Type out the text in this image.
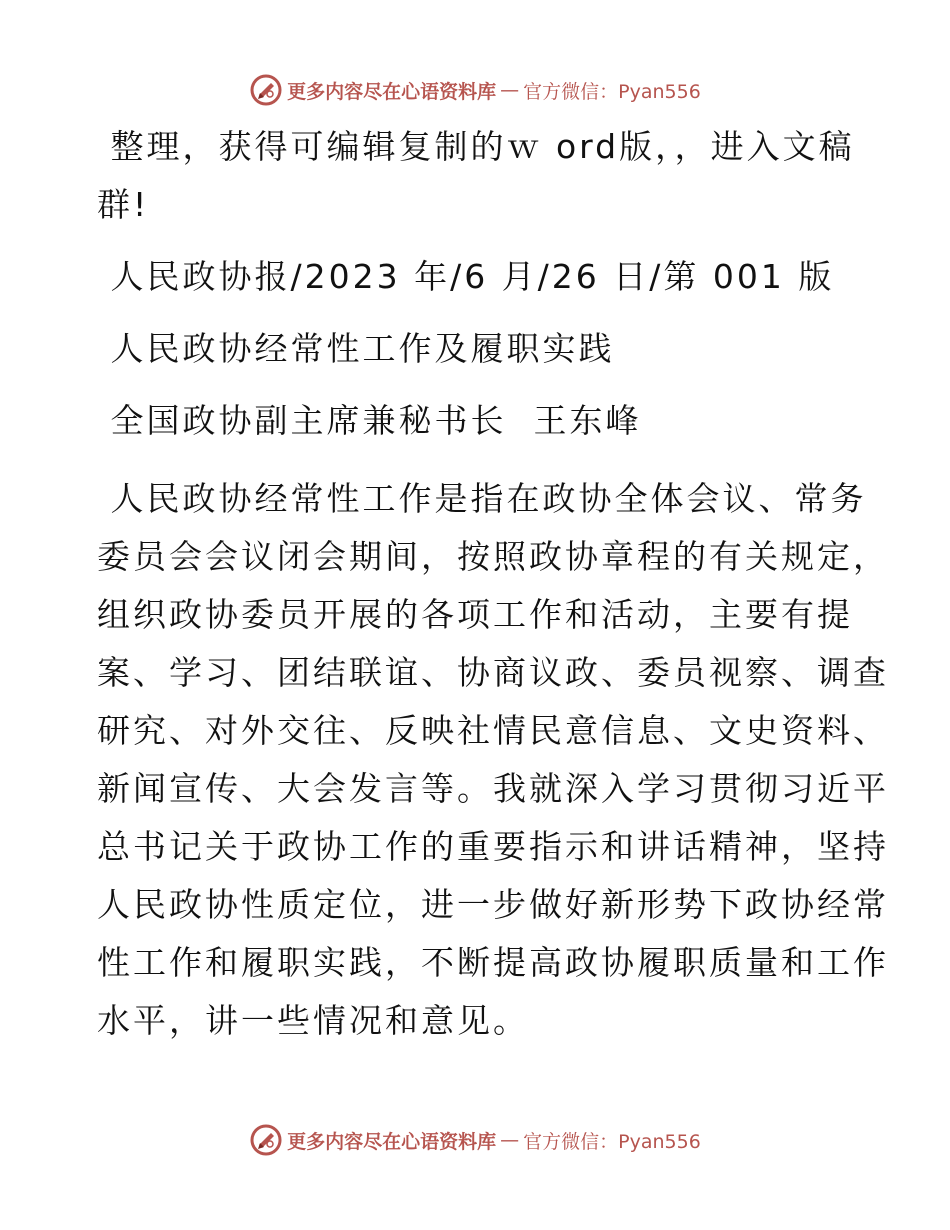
更多内容尽在心语资料库 — 官方微信：Pyan556
整理，获得可编辑复制的ｗ ord版，，进入文稿
群!
人民政协报/2023 年/6 月/26 日/第 001 版
人民政协经常性工作及履职实践
全国政协副主席兼秘书长  王东峰
人民政协经常性工作是指在政协全体会议、常务
委员会会议闭会期间，按照政协章程的有关规定，
组织政协委员开展的各项工作和活动，主要有提
案、学习、团结联谊、协商议政、委员视察、调查
研究、对外交往、反映社情民意信息、文史资料、
新闻宣传、大会发言等。我就深入学习贯彻习近平
总书记关于政协工作的重要指示和讲话精神，坚持
人民政协性质定位，进一步做好新形势下政协经常
性工作和履职实践，不断提高政协履职质量和工作
水平，讲一些情况和意见。
更多内容尽在心语资料库 — 官方微信：Pyan556
